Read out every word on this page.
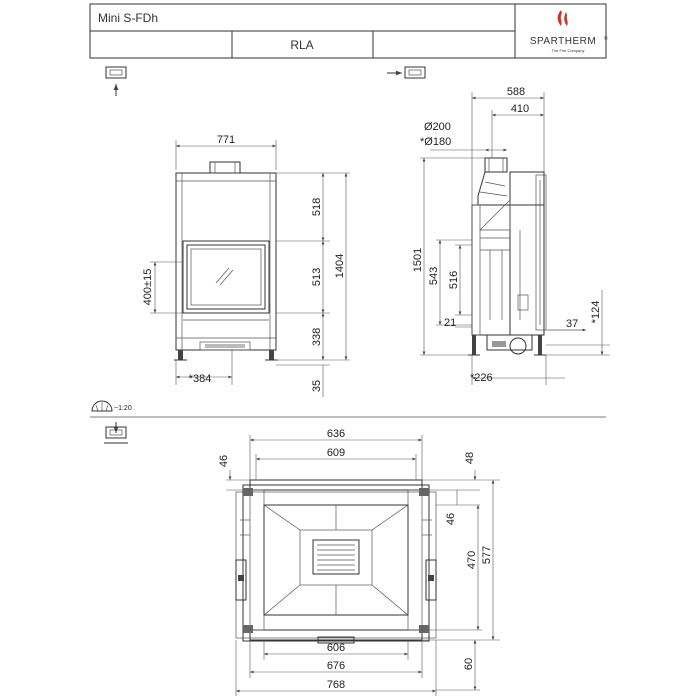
Mini S-FDh
RLA	SPARTHERM ®
The Fire Company
~1:20
771
518
513
338
1404
35
400±15
*384
588
410
Ø200
*Ø180
1501
543 516
21	37
*124
*226
636
609
46	48
46
470 577
60
606
676
768
